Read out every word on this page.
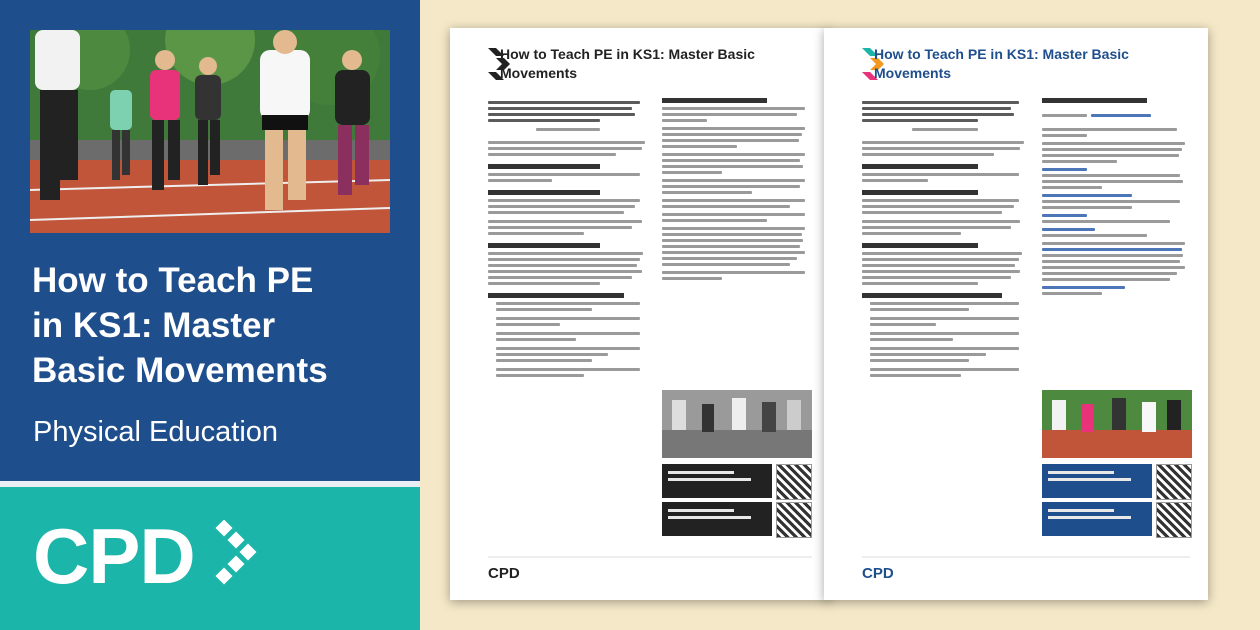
How to Teach PE
in KS1: Master
Basic Movements
Physical Education
CPD
How to Teach PE in KS1: Master Basic Movements
CPD
How to Teach PE in KS1: Master Basic Movements
CPD
